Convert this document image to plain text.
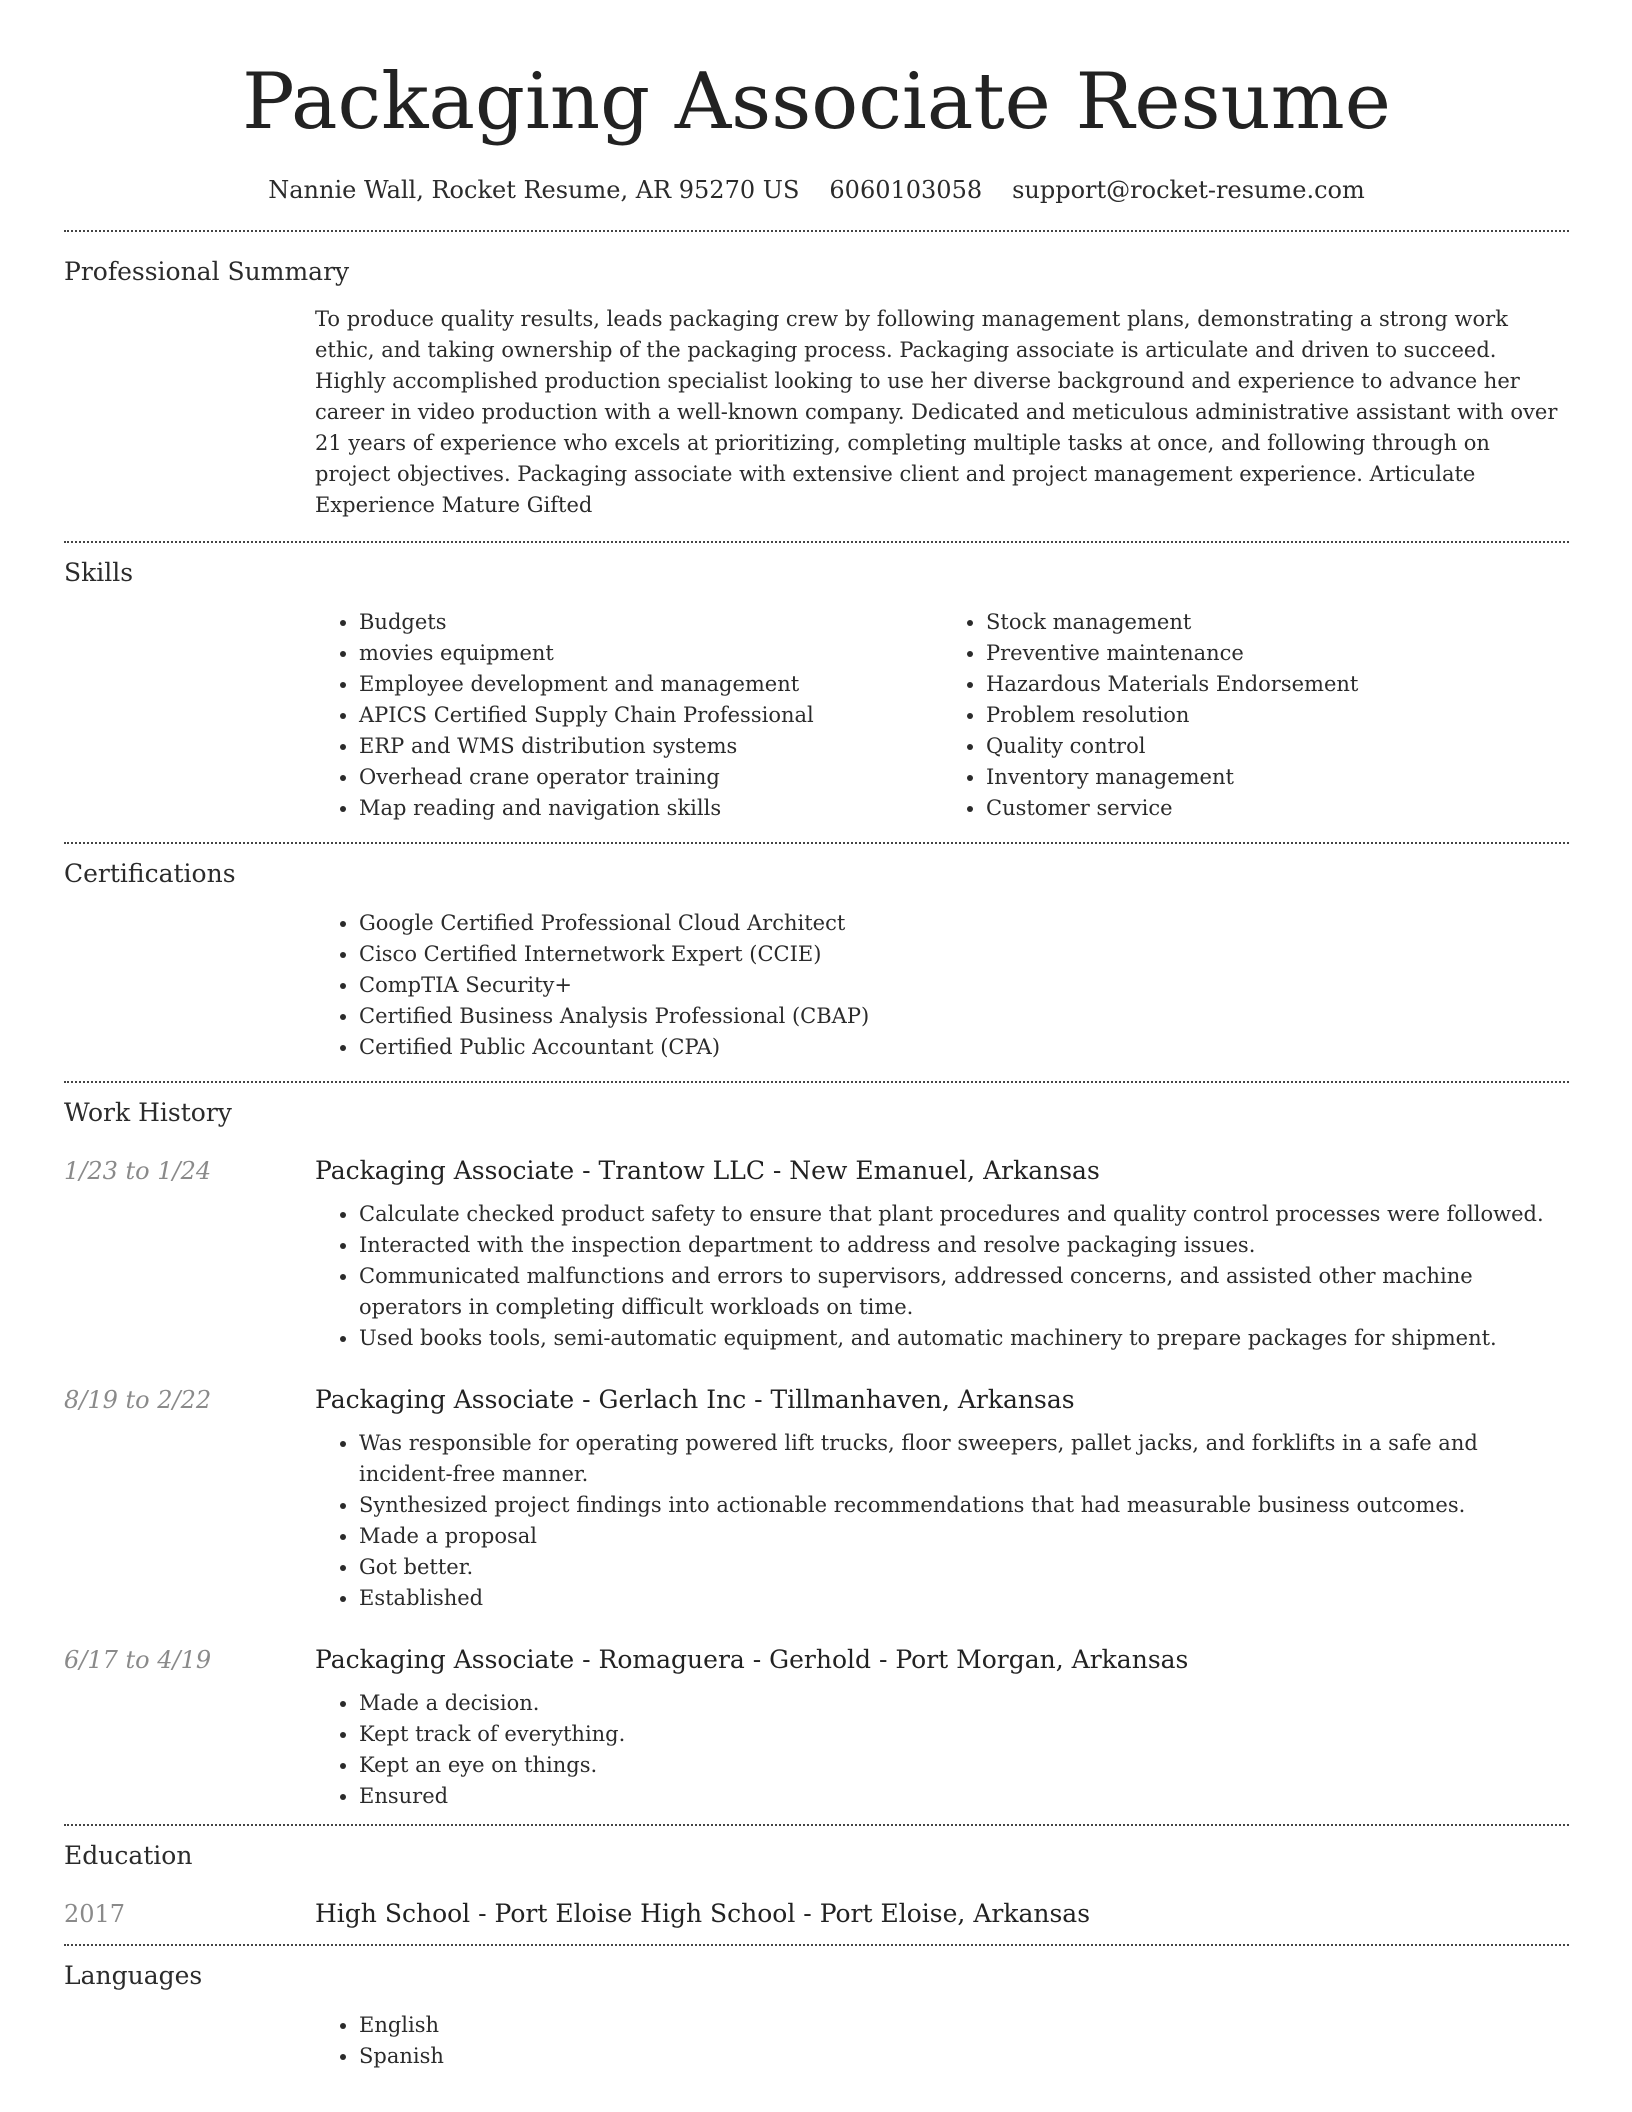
Packaging Associate Resume
Nannie Wall, Rocket Resume, AR 95270 US 6060103058 support@rocket-resume.com
Professional Summary

To produce quality results, leads packaging crew by following management plans, demonstrating a strong work ethic, and taking ownership of the packaging process. Packaging associate is articulate and driven to succeed. Highly accomplished production specialist looking to use her diverse background and experience to advance her career in video production with a well-known company. Dedicated and meticulous administrative assistant with over 21 years of experience who excels at prioritizing, completing multiple tasks at once, and following through on project objectives. Packaging associate with extensive client and project management experience. Articulate Experience Mature Gifted

Skills
• Budgets
• movies equipment
• Employee development and management
• APICS Certified Supply Chain Professional
• ERP and WMS distribution systems
• Overhead crane operator training
• Map reading and navigation skills
• Stock management
• Preventive maintenance
• Hazardous Materials Endorsement
• Problem resolution
• Quality control
• Inventory management
• Customer service
Certifications
• Google Certified Professional Cloud Architect
• Cisco Certified Internetwork Expert (CCIE)
• CompTIA Security+
• Certified Business Analysis Professional (CBAP)
• Certified Public Accountant (CPA)
Work History
1/23 to 1/24	Packaging Associate - Trantow LLC - New Emanuel, Arkansas
• Calculate checked product safety to ensure that plant procedures and quality control processes were followed.
• Interacted with the inspection department to address and resolve packaging issues.
• Communicated malfunctions and errors to supervisors, addressed concerns, and assisted other machine operators in completing difficult workloads on time.
• Used books tools, semi-automatic equipment, and automatic machinery to prepare packages for shipment.
8/19 to 2/22	Packaging Associate - Gerlach Inc - Tillmanhaven, Arkansas
• Was responsible for operating powered lift trucks, floor sweepers, pallet jacks, and forklifts in a safe and incident-free manner.
• Synthesized project findings into actionable recommendations that had measurable business outcomes.
• Made a proposal
• Got better.
• Established
6/17 to 4/19	Packaging Associate - Romaguera - Gerhold - Port Morgan, Arkansas
• Made a decision.
• Kept track of everything.
• Kept an eye on things.
• Ensured
Education
2017	High School - Port Eloise High School - Port Eloise, Arkansas
Languages
• English
• Spanish
